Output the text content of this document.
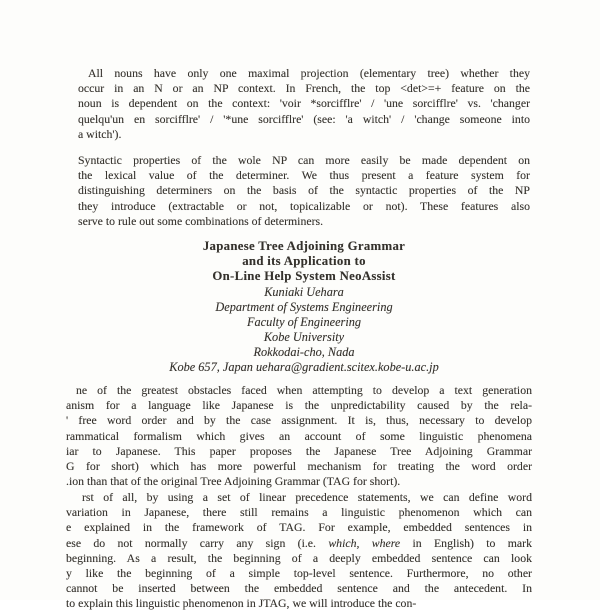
All nouns have only one maximal projection (elementary tree) whether they
occur in an N or an NP context. In French, the top <det>=+ feature on the
noun is dependent on the context: 'voir *sorcifflre' / 'une sorcifflre' vs. 'changer
quelqu'un en sorcifflre' / '*une sorcifflre' (see: 'a witch' / 'change someone into
a witch').
Syntactic properties of the wole NP can more easily be made dependent on
the lexical value of the determiner. We thus present a feature system for
distinguishing determiners on the basis of the syntactic properties of the NP
they introduce (extractable or not, topicalizable or not). These features also
serve to rule out some combinations of determiners.
Japanese Tree Adjoining Grammar
and its Application to
On-Line Help System NeoAssist
Kuniaki Uehara
Department of Systems Engineering
Faculty of Engineering
Kobe University
Rokkodai-cho, Nada
Kobe 657, Japan uehara@gradient.scitex.kobe-u.ac.jp
ne of the greatest obstacles faced when attempting to develop a text generation
anism for a language like Japanese is the unpredictability caused by the rela-
' free word order and by the case assignment. It is, thus, necessary to develop
rammatical formalism which gives an account of some linguistic phenomena
iar to Japanese. This paper proposes the Japanese Tree Adjoining Grammar
G for short) which has more powerful mechanism for treating the word order
.ion than that of the original Tree Adjoining Grammar (TAG for short).
rst of all, by using a set of linear precedence statements, we can define word
variation in Japanese, there still remains a linguistic phenomenon which can
e explained in the framework of TAG. For example, embedded sentences in
ese do not normally carry any sign (i.e. which, where in English) to mark
beginning. As a result, the beginning of a deeply embedded sentence can look
y like the beginning of a simple top-level sentence. Furthermore, no other
cannot be inserted between the embedded sentence and the antecedent. In
to explain this linguistic phenomenon in JTAG, we will introduce the con-
